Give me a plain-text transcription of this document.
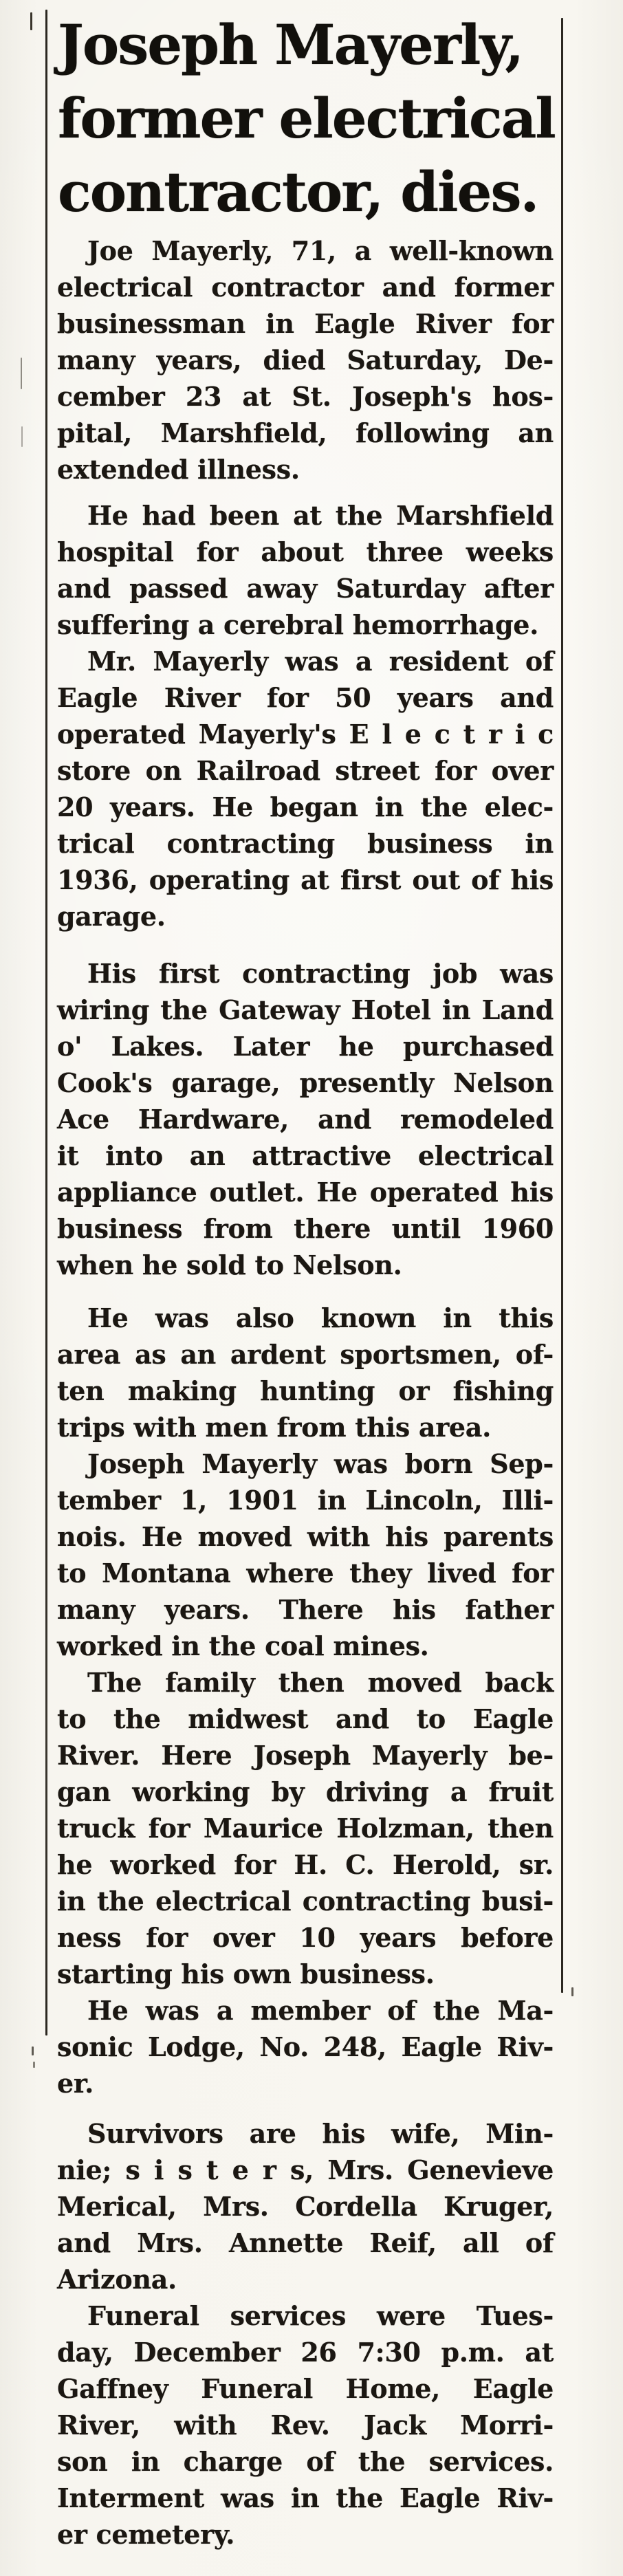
Joseph Mayerly,
former electrical
contractor, dies.
Joe Mayerly, 71, a well-known
electrical contractor and former
businessman in Eagle River for
many years, died Saturday, De-
cember 23 at St. Joseph's hos-
pital, Marshfield, following an
extended illness.
He had been at the Marshfield
hospital for about three weeks
and passed away Saturday after
suffering a cerebral hemorrhage.
Mr. Mayerly was a resident of
Eagle River for 50 years and
operated Mayerly's E l e c t r i c
store on Railroad street for over
20 years. He began in the elec-
trical contracting business in
1936, operating at first out of his
garage.
His first contracting job was
wiring the Gateway Hotel in Land
o' Lakes. Later he purchased
Cook's garage, presently Nelson
Ace Hardware, and remodeled
it into an attractive electrical
appliance outlet. He operated his
business from there until 1960
when he sold to Nelson.
He was also known in this
area as an ardent sportsmen, of-
ten making hunting or fishing
trips with men from this area.
Joseph Mayerly was born Sep-
tember 1, 1901 in Lincoln, Illi-
nois. He moved with his parents
to Montana where they lived for
many years. There his father
worked in the coal mines.
The family then moved back
to the midwest and to Eagle
River. Here Joseph Mayerly be-
gan working by driving a fruit
truck for Maurice Holzman, then
he worked for H. C. Herold, sr.
in the electrical contracting busi-
ness for over 10 years before
starting his own business.
He was a member of the Ma-
sonic Lodge, No. 248, Eagle Riv-
er.
Survivors are his wife, Min-
nie; s i s t e r s, Mrs. Genevieve
Merical, Mrs. Cordella Kruger,
and Mrs. Annette Reif, all of
Arizona.
Funeral services were Tues-
day, December 26 7:30 p.m. at
Gaffney Funeral Home, Eagle
River, with Rev. Jack Morri-
son in charge of the services.
Interment was in the Eagle Riv-
er cemetery.
